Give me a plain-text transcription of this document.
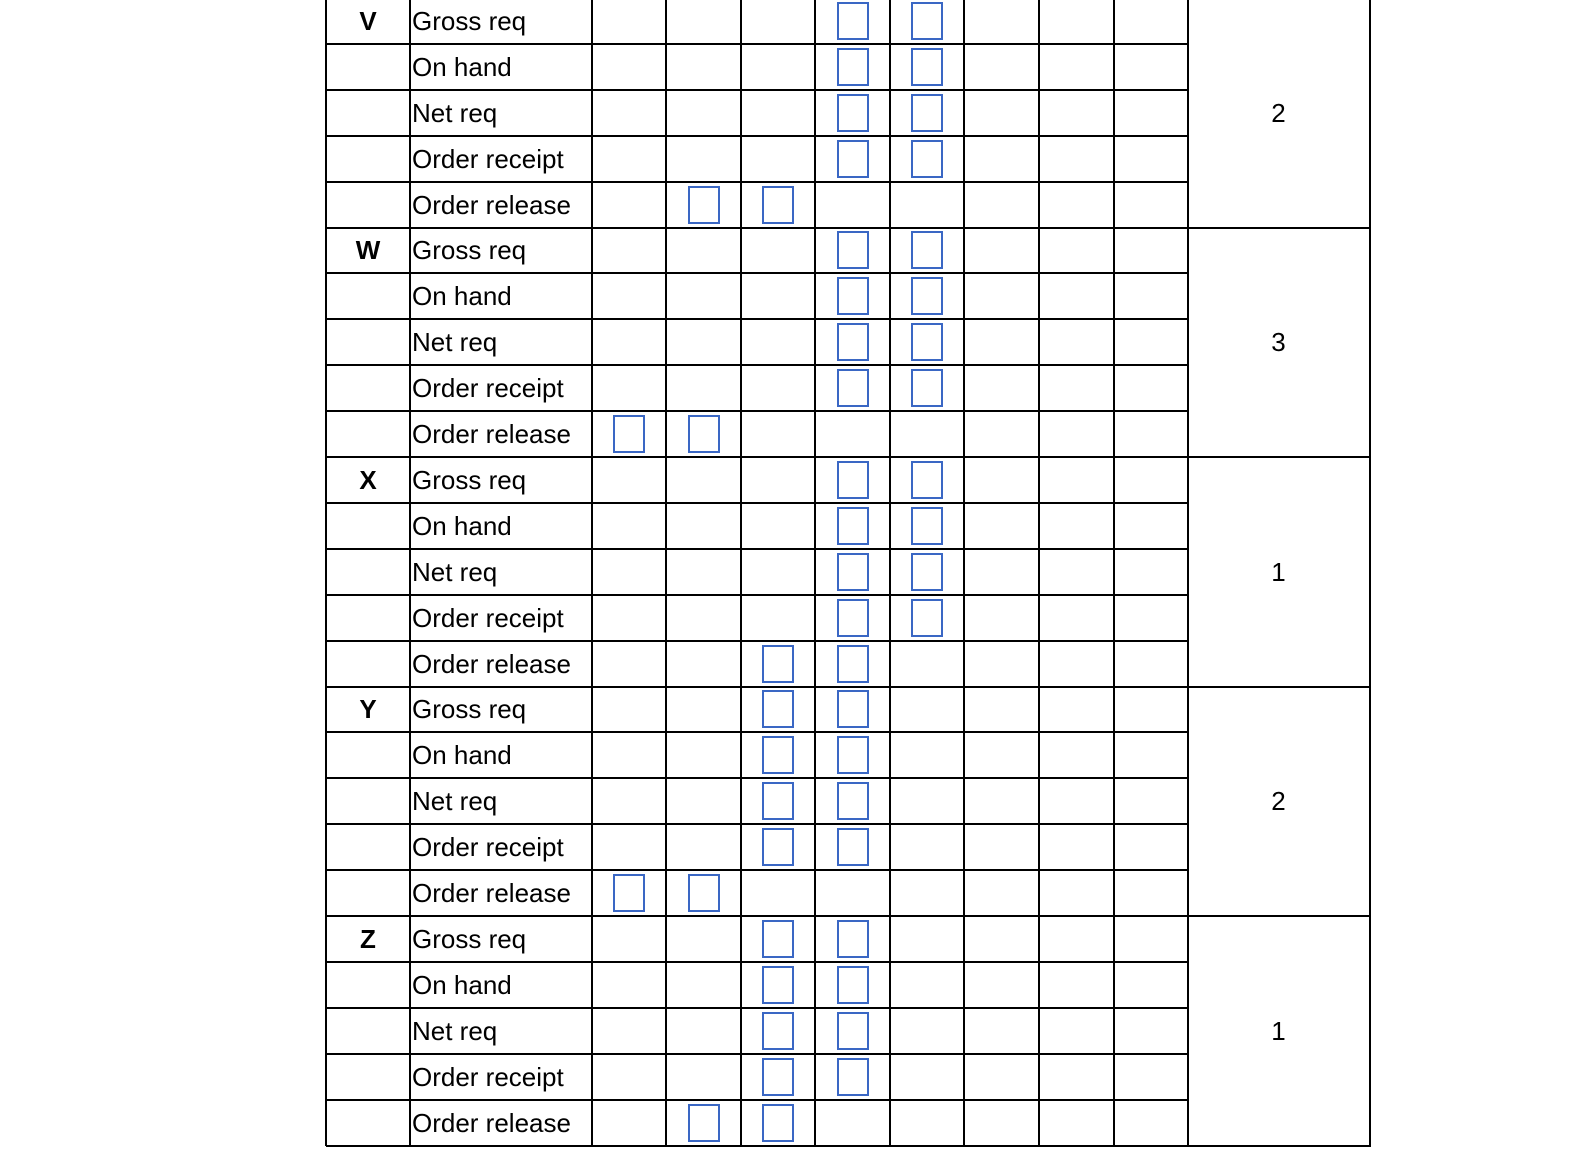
V
2
Gross req
On hand
Net req
Order receipt
Order release
W
3
Gross req
On hand
Net req
Order receipt
Order release
X
1
Gross req
On hand
Net req
Order receipt
Order release
Y
2
Gross req
On hand
Net req
Order receipt
Order release
Z
1
Gross req
On hand
Net req
Order receipt
Order release
